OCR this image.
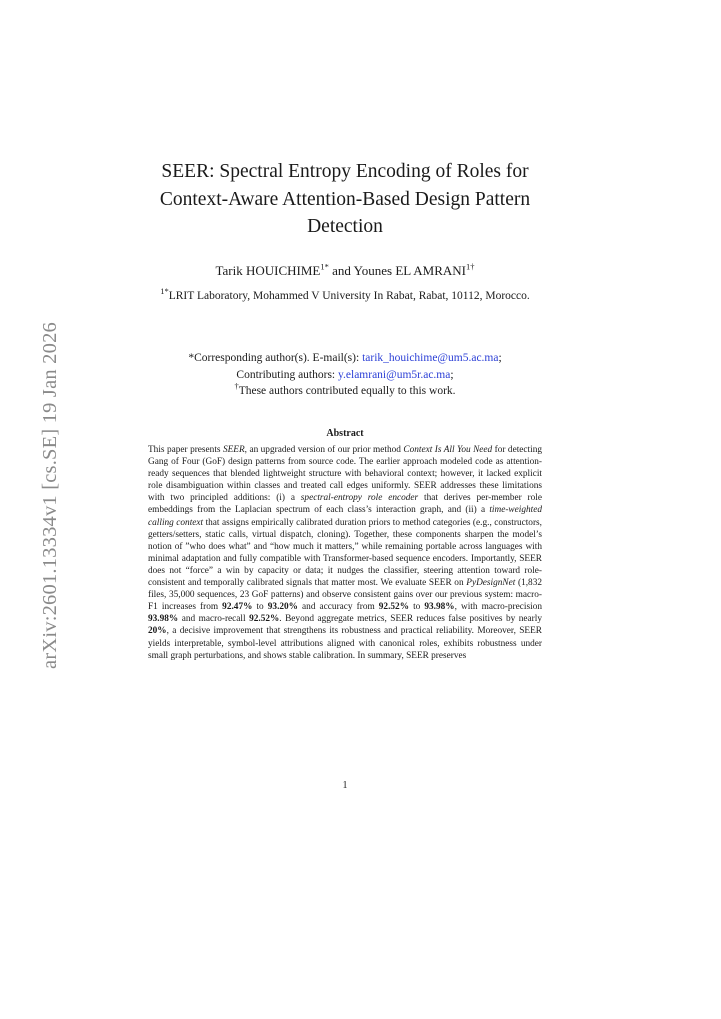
arXiv:2601.13334v1 [cs.SE] 19 Jan 2026
SEER: Spectral Entropy Encoding of Roles for Context-Aware Attention-Based Design Pattern Detection
Tarik $HOUICHIME^{1*}$ and Younes EL $AMRANI^{1\dagger}$
$^{1*}$LRIT Laboratory, Mohammed V University In Rabat, Rabat, 10112, Morocco.
*Corresponding author(s). E-mail(s): tarik_houichime@um5.ac.ma;
Contributing authors: y.elamrani@um5r.ac.ma;
†These authors contributed equally to this work.
Abstract
This paper presents SEER, an upgraded version of our prior method Context Is All You Need for detecting Gang of Four (GoF) design patterns from source code. The earlier approach modeled code as attention-ready sequences that blended lightweight structure with behavioral context; however, it lacked explicit role disambiguation within classes and treated call edges uniformly. SEER addresses these limitations with two principled additions: (i) a spectral-entropy role encoder that derives per-member role embeddings from the Laplacian spectrum of each class’s interaction graph, and (ii) a time-weighted calling context that assigns empirically calibrated duration priors to method categories (e.g., constructors, getters/setters, static calls, virtual dispatch, cloning). Together, these components sharpen the model’s notion of ”who does what” and “how much it matters,” while remaining portable across languages with minimal adaptation and fully compatible with Transformer-based sequence encoders. Importantly, SEER does not “force” a win by capacity or data; it nudges the classifier, steering attention toward role-consistent and temporally calibrated signals that matter most. We evaluate SEER on PyDesignNet (1,832 files, 35,000 sequences, 23 GoF patterns) and observe consistent gains over our previous system: macro-F1 increases from 92.47% to 93.20% and accuracy from 92.52% to 93.98%, with macro-precision 93.98% and macro-recall 92.52%. Beyond aggregate metrics, SEER reduces false positives by nearly 20%, a decisive improvement that strengthens its robustness and practical reliability. Moreover, SEER yields interpretable, symbol-level attributions aligned with canonical roles, exhibits robustness under small graph perturbations, and shows stable calibration. In summary, SEER preserves
1
